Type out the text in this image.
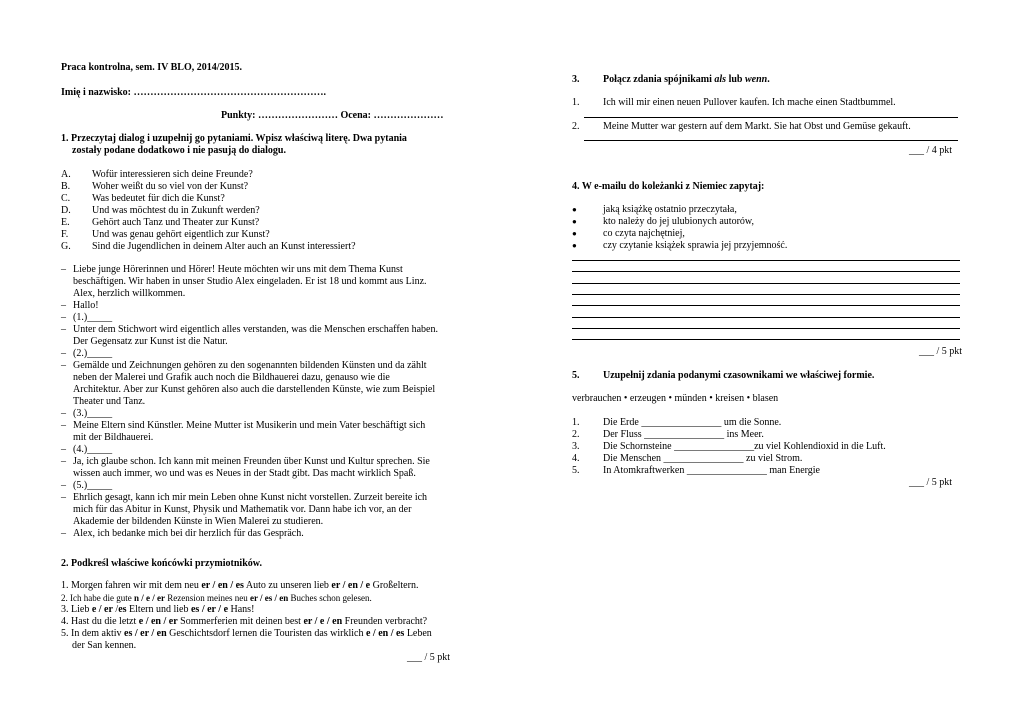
Praca kontrolna, sem. IV BLO, 2014/2015.
Imię i nazwisko: ………………………………………………….
Punkty: …………………… Ocena: …………………
1. Przeczytaj dialog i uzupełnij go pytaniami. Wpisz właściwą literę. Dwa pytania
zostały podane dodatkowo i nie pasują do dialogu.
A. Wofür interessieren sich deine Freunde?
B. Woher weißt du so viel von der Kunst?
C. Was bedeutet für dich die Kunst?
D. Und was möchtest du in Zukunft werden?
E. Gehört auch Tanz und Theater zur Kunst?
F. Und was genau gehört eigentlich zur Kunst?
G. Sind die Jugendlichen in deinem Alter auch an Kunst interessiert?
– Liebe junge Hörerinnen und Hörer! Heute möchten wir uns mit dem Thema Kunst
beschäftigen. Wir haben in unser Studio Alex eingeladen. Er ist 18 und kommt aus Linz.
Alex, herzlich willkommen.
– Hallo!
– (1.)_____
– Unter dem Stichwort wird eigentlich alles verstanden, was die Menschen erschaffen haben.
Der Gegensatz zur Kunst ist die Natur.
– (2.)_____
– Gemälde und Zeichnungen gehören zu den sogenannten bildenden Künsten und da zählt
neben der Malerei und Grafik auch noch die Bildhauerei dazu, genauso wie die
Architektur. Aber zur Kunst gehören also auch die darstellenden Künste, wie zum Beispiel
Theater und Tanz.
– (3.)_____
– Meine Eltern sind Künstler. Meine Mutter ist Musikerin und mein Vater beschäftigt sich
mit der Bildhauerei.
– (4.)_____
– Ja, ich glaube schon. Ich kann mit meinen Freunden über Kunst und Kultur sprechen. Sie
wissen auch immer, wo und was es Neues in der Stadt gibt. Das macht wirklich Spaß.
– (5.)_____
– Ehrlich gesagt, kann ich mir mein Leben ohne Kunst nicht vorstellen. Zurzeit bereite ich
mich für das Abitur in Kunst, Physik und Mathematik vor. Dann habe ich vor, an der
Akademie der bildenden Künste in Wien Malerei zu studieren.
– Alex, ich bedanke mich bei dir herzlich für das Gespräch.
2. Podkreśl właściwe końcówki przymiotników.
1. Morgen fahren wir mit dem neu er / en / es Auto zu unseren lieb er / en / e Großeltern.
2. Ich habe die gute n / e / er Rezension meines neu er / es / en Buches schon gelesen.
3. Lieb e / er /es Eltern und lieb es / er / e Hans!
4. Hast du die letzt e / en / er Sommerferien mit deinen best er / e / en Freunden verbracht?
5. In dem aktiv es / er / en Geschichtsdorf lernen die Touristen das wirklich e / en / es Leben
der San kennen.
___ / 5 pkt
3. Połącz zdania spójnikami als lub wenn.
1. Ich will mir einen neuen Pullover kaufen. Ich mache einen Stadtbummel.
2. Meine Mutter war gestern auf dem Markt. Sie hat Obst und Gemüse gekauft.
___ / 4 pkt
4. W e-mailu do koleżanki z Niemiec zapytaj:
●	jaką książkę ostatnio przeczytała,
●	kto należy do jej ulubionych autorów,
●	co czyta najchętniej,
●	czy czytanie książek sprawia jej przyjemność.
___ / 5 pkt
5. Uzupełnij zdania podanymi czasownikami we właściwej formie.
verbrauchen • erzeugen • münden • kreisen • blasen
1. Die Erde ________________ um die Sonne.
2. Der Fluss ________________ ins Meer.
3. Die Schornsteine ________________zu viel Kohlendioxid in die Luft.
4. Die Menschen ________________ zu viel Strom.
5. In Atomkraftwerken ________________ man Energie
___ / 5 pkt
